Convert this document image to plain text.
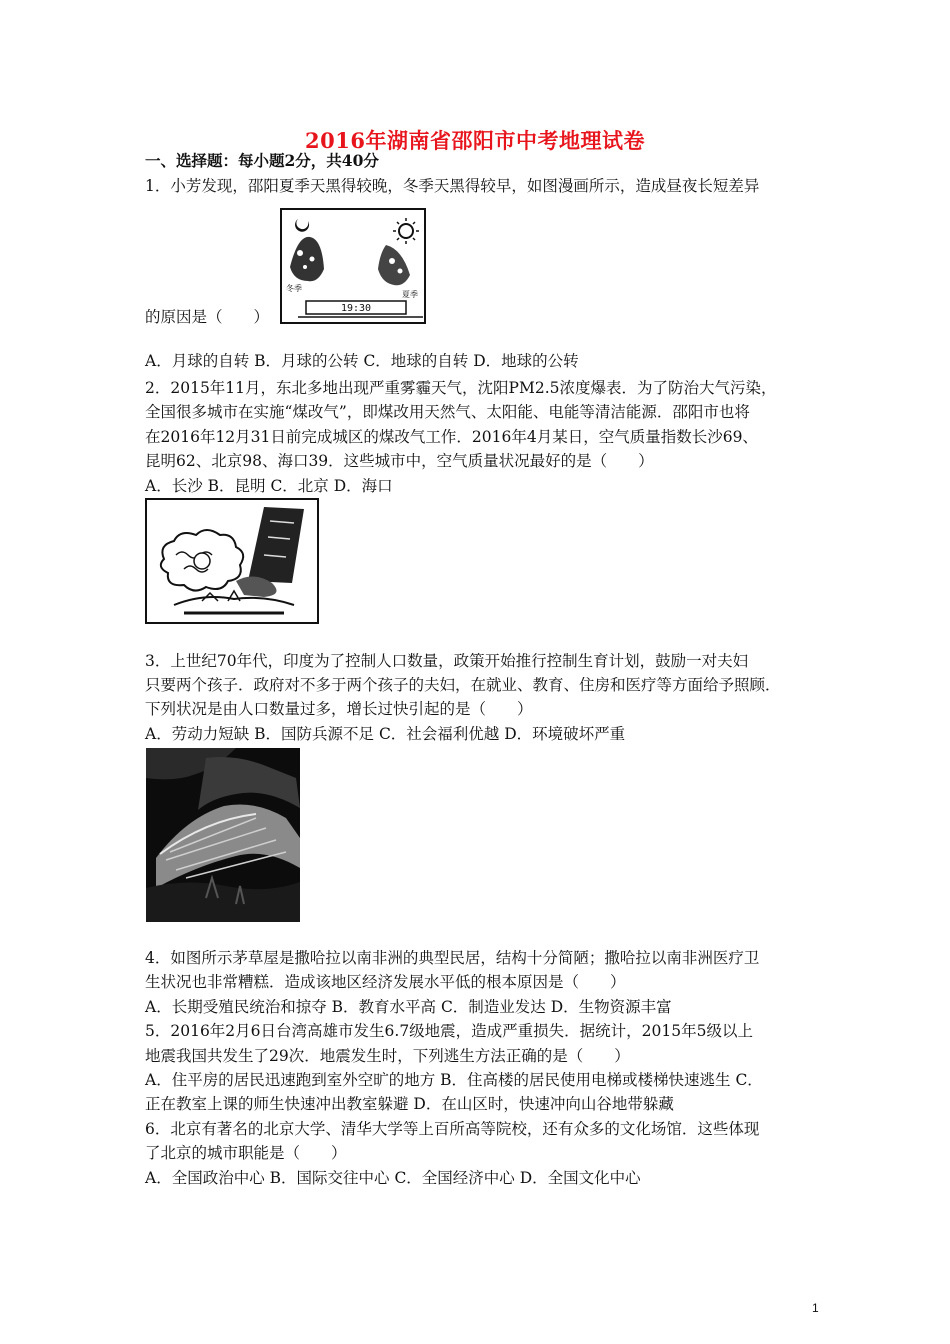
2016年湖南省邵阳市中考地理试卷
一、选择题：每小题2分，共40分
1．小芳发现，邵阳夏季天黑得较晚，冬季天黑得较早，如图漫画所示，造成昼夜长短差异
冬季
夏季
19:30
的原因是（　　）
A．月球的自转 B．月球的公转 C．地球的自转 D．地球的公转
2．2015年11月，东北多地出现严重雾霾天气，沈阳PM2.5浓度爆表．为了防治大气污染，
全国很多城市在实施“煤改气”，即煤改用天然气、太阳能、电能等清洁能源．邵阳市也将
在2016年12月31日前完成城区的煤改气工作．2016年4月某日，空气质量指数长沙69、
昆明62、北京98、海口39．这些城市中，空气质量状况最好的是（　　）
A．长沙 B．昆明 C．北京 D．海口
3．上世纪70年代，印度为了控制人口数量，政策开始推行控制生育计划，鼓励一对夫妇
只要两个孩子．政府对不多于两个孩子的夫妇，在就业、教育、住房和医疗等方面给予照顾．
下列状况是由人口数量过多，增长过快引起的是（　　）
A．劳动力短缺 B．国防兵源不足 C．社会福利优越 D．环境破坏严重
4．如图所示茅草屋是撒哈拉以南非洲的典型民居，结构十分简陋；撒哈拉以南非洲医疗卫
生状况也非常糟糕．造成该地区经济发展水平低的根本原因是（　　）
A．长期受殖民统治和掠夺 B．教育水平高 C．制造业发达 D．生物资源丰富
5．2016年2月6日台湾高雄市发生6.7级地震，造成严重损失．据统计，2015年5级以上
地震我国共发生了29次．地震发生时，下列逃生方法正确的是（　　）
A．住平房的居民迅速跑到室外空旷的地方 B．住高楼的居民使用电梯或楼梯快速逃生 C．
正在教室上课的师生快速冲出教室躲避 D．在山区时，快速冲向山谷地带躲藏
6．北京有著名的北京大学、清华大学等上百所高等院校，还有众多的文化场馆．这些体现
了北京的城市职能是（　　）
A．全国政治中心 B．国际交往中心 C．全国经济中心 D．全国文化中心
1
